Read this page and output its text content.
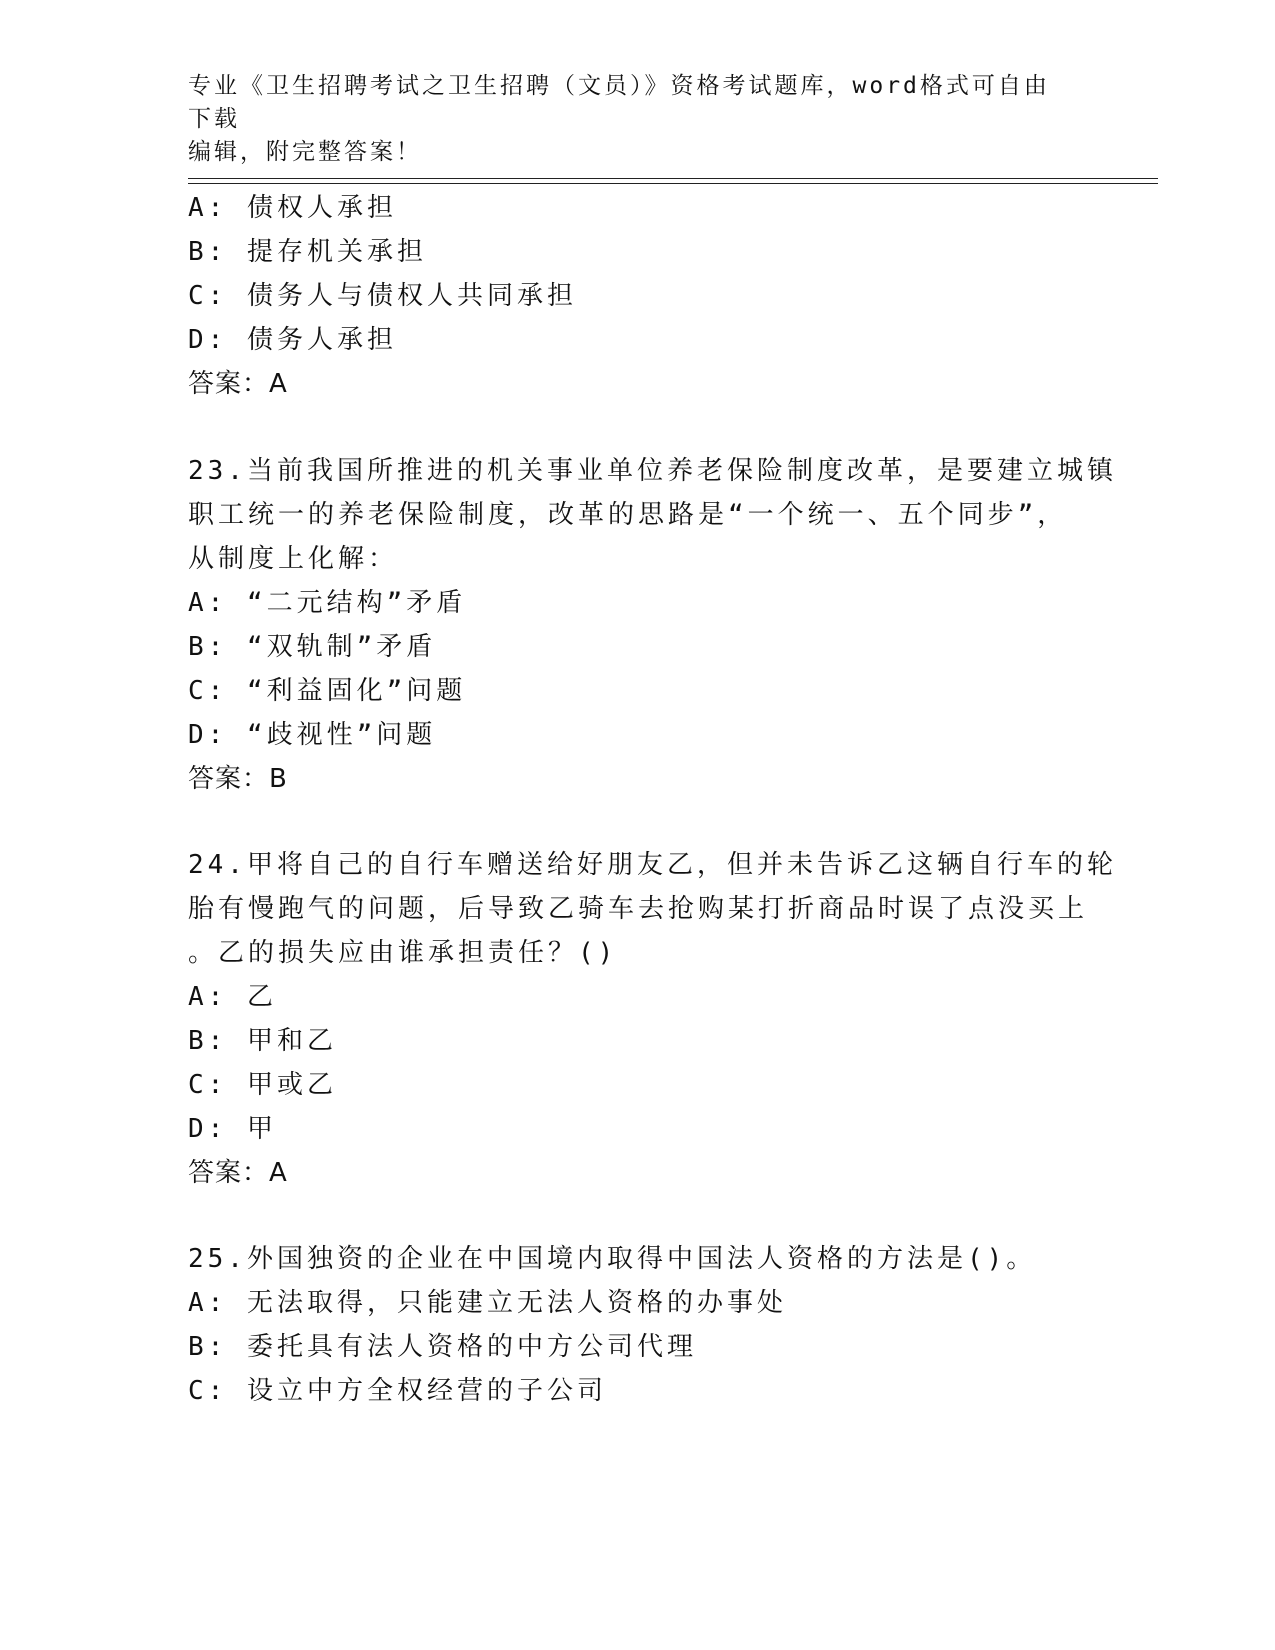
专业《卫生招聘考试之卫生招聘（文员）》资格考试题库，word格式可自由下载
编辑，附完整答案！
A: 债权人承担
B: 提存机关承担
C: 债务人与债权人共同承担
D: 债务人承担
答案：A
23.当前我国所推进的机关事业单位养老保险制度改革，是要建立城镇
职工统一的养老保险制度，改革的思路是“一个统一、五个同步”，
从制度上化解：
A: “二元结构”矛盾
B: “双轨制”矛盾
C: “利益固化”问题
D: “歧视性”问题
答案：B
24.甲将自己的自行车赠送给好朋友乙，但并未告诉乙这辆自行车的轮
胎有慢跑气的问题，后导致乙骑车去抢购某打折商品时误了点没买上
。乙的损失应由谁承担责任？()
A: 乙
B: 甲和乙
C: 甲或乙
D: 甲
答案：A
25.外国独资的企业在中国境内取得中国法人资格的方法是()。
A: 无法取得，只能建立无法人资格的办事处
B: 委托具有法人资格的中方公司代理
C: 设立中方全权经营的子公司
